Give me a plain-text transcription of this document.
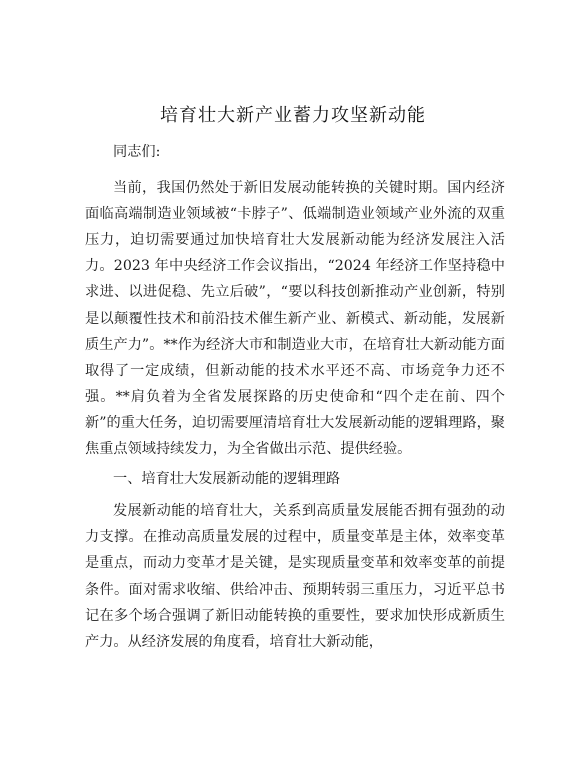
培育壮大新产业蓄力攻坚新动能

同志们:

当前，我国仍然处于新旧发展动能转换的关键时期。国内经济面临高端制造业领域被“卡脖子”、低端制造业领域产业外流的双重压力，迫切需要通过加快培育壮大发展新动能为经济发展注入活力。2023 年中央经济工作会议指出，“2024 年经济工作坚持稳中求进、以进促稳、先立后破”，“要以科技创新推动产业创新，特别是以颠覆性技术和前沿技术催生新产业、新模式、新动能，发展新质生产力”。**作为经济大市和制造业大市，在培育壮大新动能方面取得了一定成绩，但新动能的技术水平还不高、市场竞争力还不强。**肩负着为全省发展探路的历史使命和“四个走在前、四个新”的重大任务，迫切需要厘清培育壮大发展新动能的逻辑理路，聚焦重点领域持续发力，为全省做出示范、提供经验。

一、培育壮大发展新动能的逻辑理路

发展新动能的培育壮大，关系到高质量发展能否拥有强劲的动力支撑。在推动高质量发展的过程中，质量变革是主体，效率变革是重点，而动力变革才是关键，是实现质量变革和效率变革的前提条件。面对需求收缩、供给冲击、预期转弱三重压力，习近平总书记在多个场合强调了新旧动能转换的重要性，要求加快形成新质生产力。从经济发展的角度看，培育壮大新动能，
